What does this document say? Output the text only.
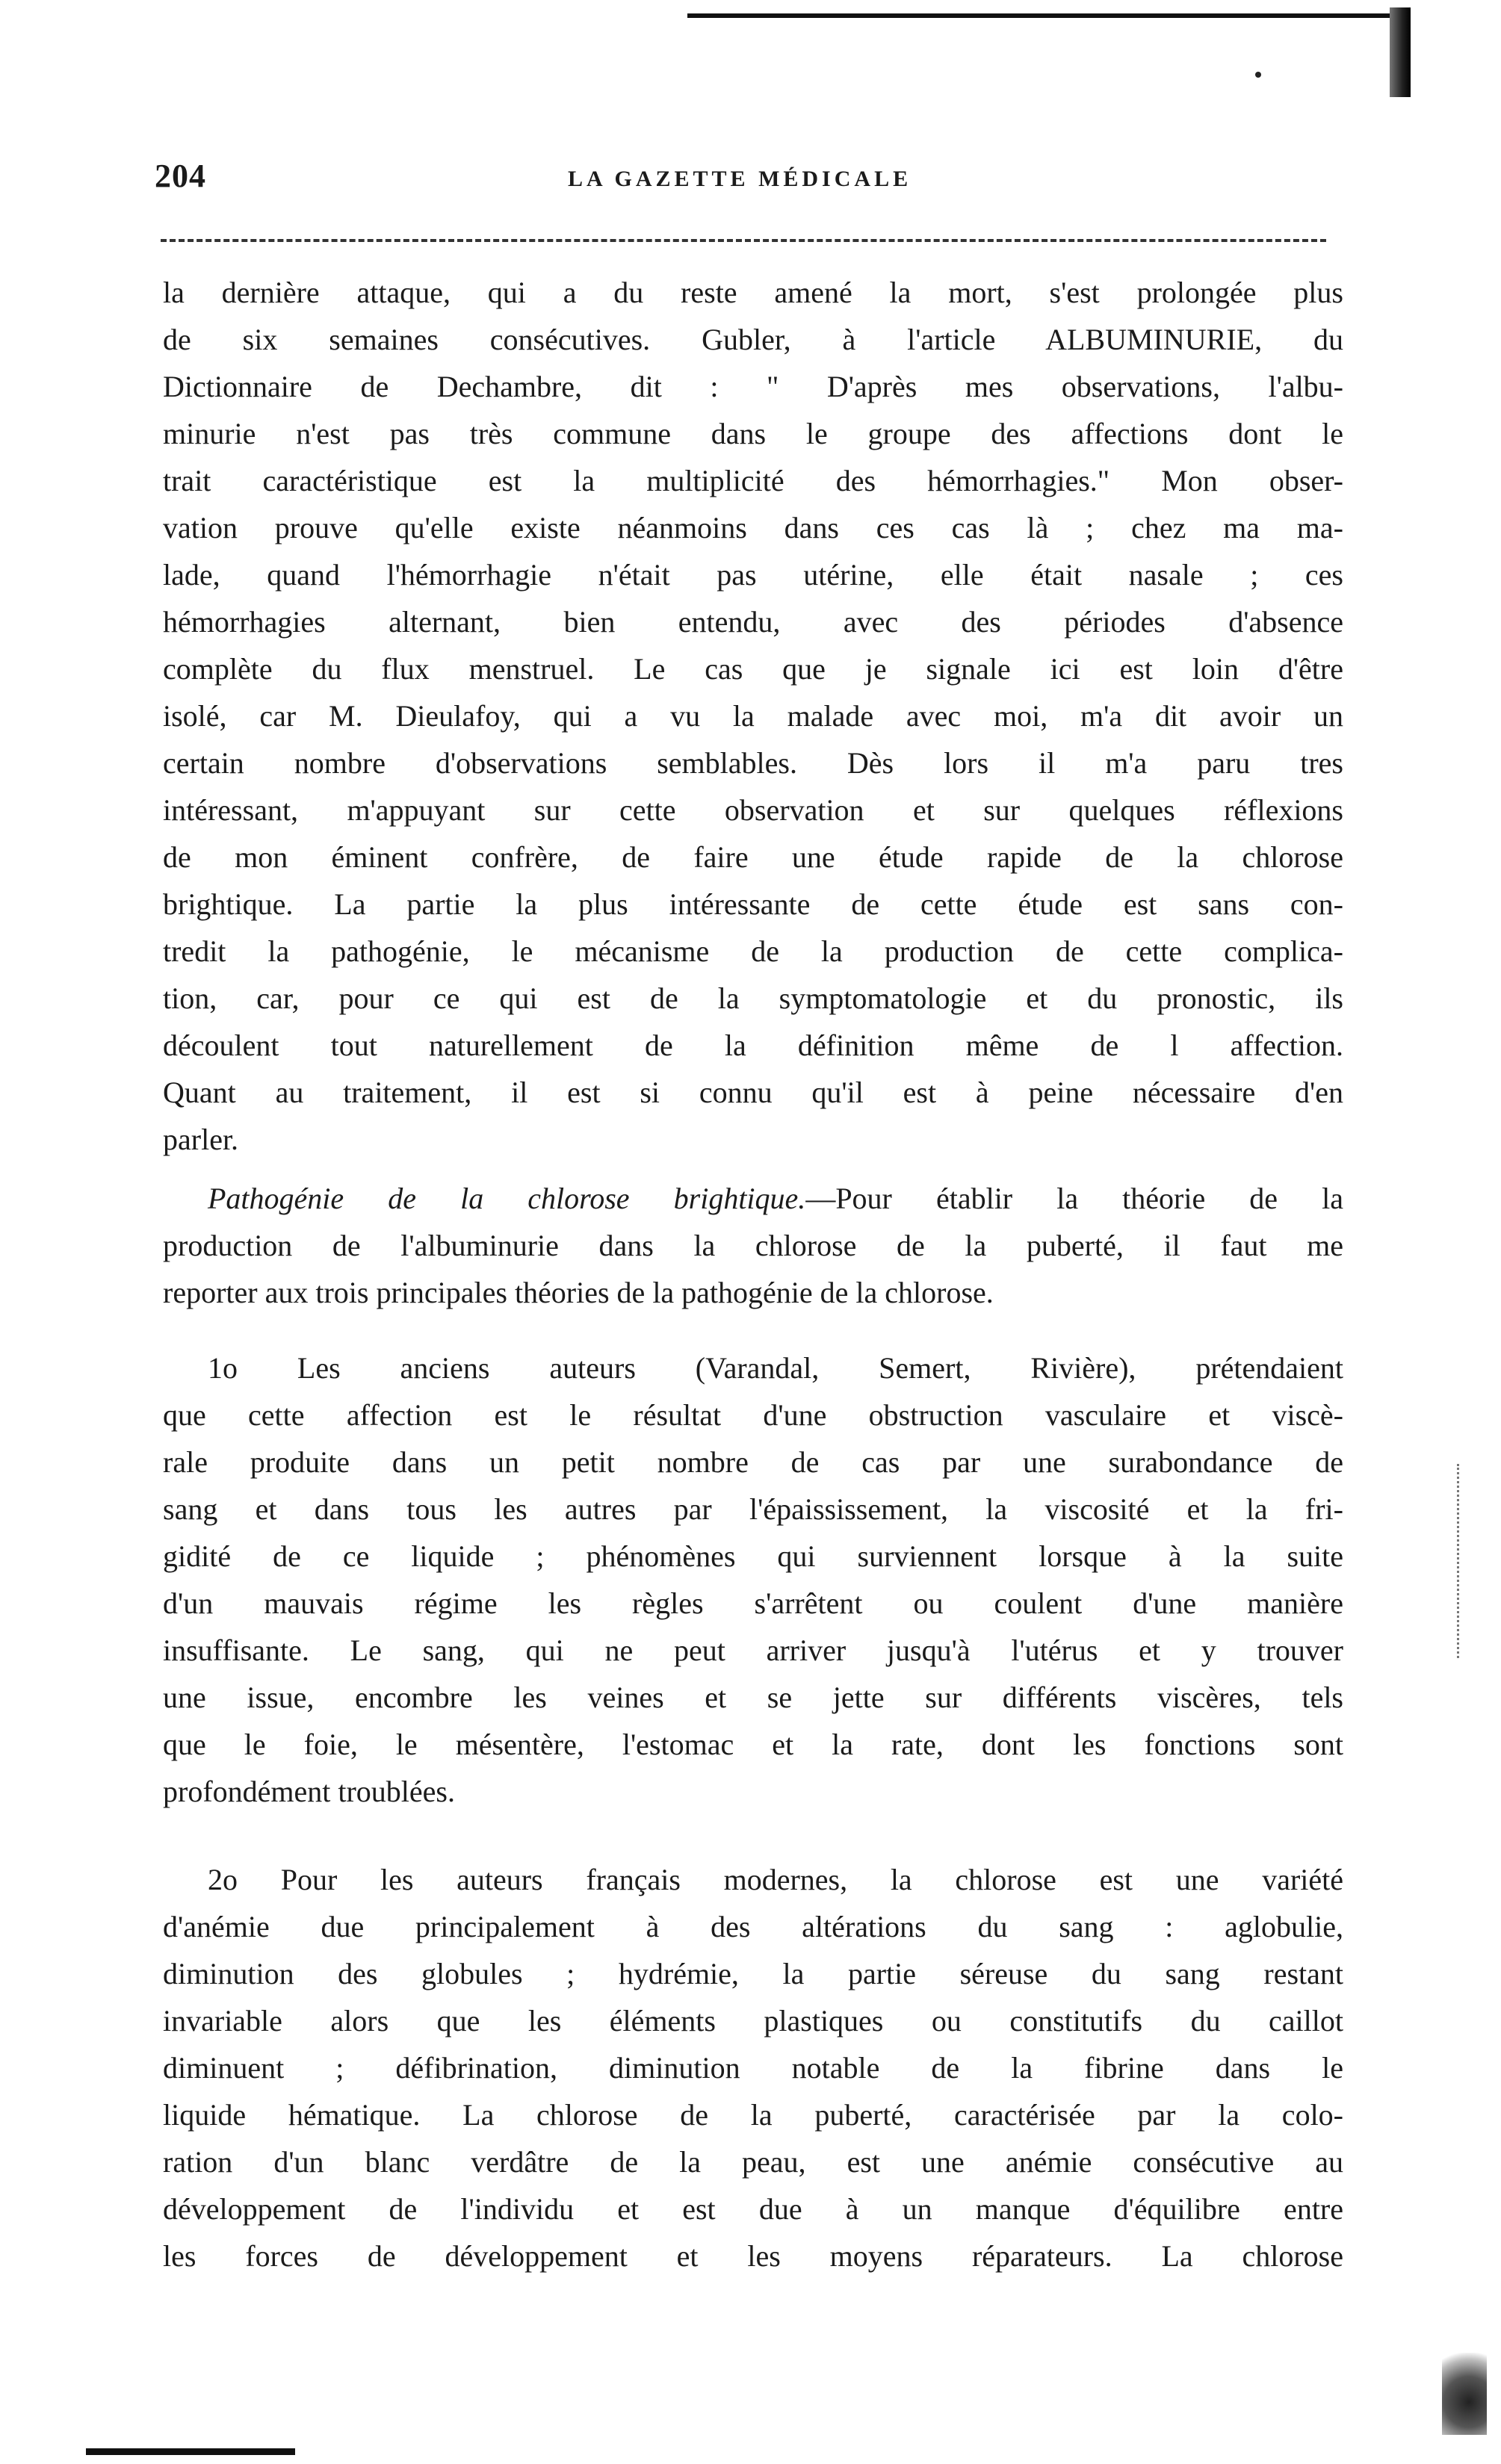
204	LA GAZETTE MÉDICALE
la dernière attaque, qui a du reste amené la mort, s'est prolongée plus
de six semaines consécutives. Gubler, à l'article ALBUMINURIE, du
Dictionnaire de Dechambre, dit : " D'après mes observations, l'albu-
minurie n'est pas très commune dans le groupe des affections dont le
trait caractéristique est la multiplicité des hémorrhagies." Mon obser-
vation prouve qu'elle existe néanmoins dans ces cas là ; chez ma ma-
lade, quand l'hémorrhagie n'était pas utérine, elle était nasale ; ces
hémorrhagies alternant, bien entendu, avec des périodes d'absence
complète du flux menstruel. Le cas que je signale ici est loin d'être
isolé, car M. Dieulafoy, qui a vu la malade avec moi, m'a dit avoir un
certain nombre d'observations semblables. Dès lors il m'a paru tres
intéressant, m'appuyant sur cette observation et sur quelques réflexions
de mon éminent confrère, de faire une étude rapide de la chlorose
brightique. La partie la plus intéressante de cette étude est sans con-
tredit la pathogénie, le mécanisme de la production de cette complica-
tion, car, pour ce qui est de la symptomatologie et du pronostic, ils
découlent tout naturellement de la définition même de l affection.
Quant au traitement, il est si connu qu'il est à peine nécessaire d'en
parler.
Pathogénie de la chlorose brightique.—Pour établir la théorie de la
production de l'albuminurie dans la chlorose de la puberté, il faut me
reporter aux trois principales théories de la pathogénie de la chlorose.
1o Les anciens auteurs (Varandal, Semert, Rivière), prétendaient
que cette affection est le résultat d'une obstruction vasculaire et viscè-
rale produite dans un petit nombre de cas par une surabondance de
sang et dans tous les autres par l'épaississement, la viscosité et la fri-
gidité de ce liquide ; phénomènes qui surviennent lorsque à la suite
d'un mauvais régime les règles s'arrêtent ou coulent d'une manière
insuffisante. Le sang, qui ne peut arriver jusqu'à l'utérus et y trouver
une issue, encombre les veines et se jette sur différents viscères, tels
que le foie, le mésentère, l'estomac et la rate, dont les fonctions sont
profondément troublées.
2o Pour les auteurs français modernes, la chlorose est une variété
d'anémie due principalement à des altérations du sang : aglobulie,
diminution des globules ; hydrémie, la partie séreuse du sang restant
invariable alors que les éléments plastiques ou constitutifs du caillot
diminuent ; défibrination, diminution notable de la fibrine dans le
liquide hématique. La chlorose de la puberté, caractérisée par la colo-
ration d'un blanc verdâtre de la peau, est une anémie consécutive au
développement de l'individu et est due à un manque d'équilibre entre
les forces de développement et les moyens réparateurs. La chlorose
